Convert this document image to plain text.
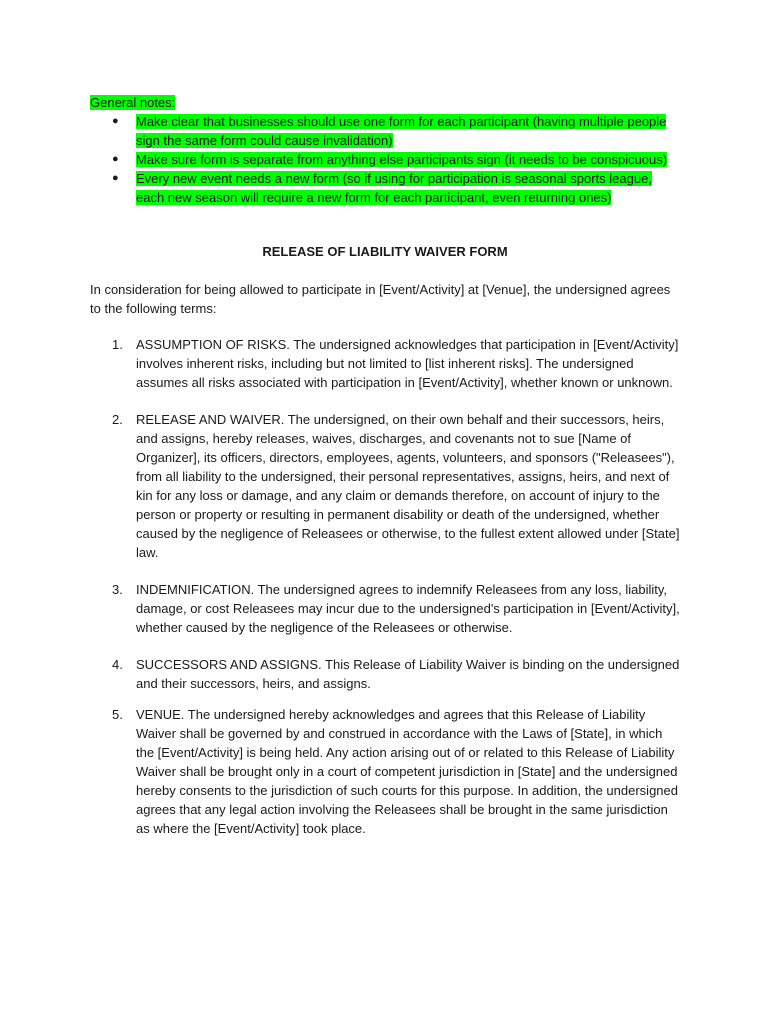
General notes:

● Make clear that businesses should use one form for each participant (having multiple people sign the same form could cause invalidation)
● Make sure form is separate from anything else participants sign (it needs to be conspicuous)
● Every new event needs a new form (so if using for participation is seasonal sports league, each new season will require a new form for each participant, even returning ones)

RELEASE OF LIABILITY WAIVER FORM

In consideration for being allowed to participate in [Event/Activity] at [Venue], the undersigned agrees to the following terms:

1. ASSUMPTION OF RISKS. The undersigned acknowledges that participation in [Event/Activity] involves inherent risks, including but not limited to [list inherent risks]. The undersigned assumes all risks associated with participation in [Event/Activity], whether known or unknown.
2. RELEASE AND WAIVER. The undersigned, on their own behalf and their successors, heirs, and assigns, hereby releases, waives, discharges, and covenants not to sue [Name of Organizer], its officers, directors, employees, agents, volunteers, and sponsors ("Releasees"), from all liability to the undersigned, their personal representatives, assigns, heirs, and next of kin for any loss or damage, and any claim or demands therefore, on account of injury to the person or property or resulting in permanent disability or death of the undersigned, whether caused by the negligence of Releasees or otherwise, to the fullest extent allowed under [State] law.
3. INDEMNIFICATION. The undersigned agrees to indemnify Releasees from any loss, liability, damage, or cost Releasees may incur due to the undersigned's participation in [Event/Activity], whether caused by the negligence of the Releasees or otherwise.
4. SUCCESSORS AND ASSIGNS. This Release of Liability Waiver is binding on the undersigned and their successors, heirs, and assigns.
5. VENUE. The undersigned hereby acknowledges and agrees that this Release of Liability Waiver shall be governed by and construed in accordance with the Laws of [State], in which the [Event/Activity] is being held. Any action arising out of or related to this Release of Liability Waiver shall be brought only in a court of competent jurisdiction in [State] and the undersigned hereby consents to the jurisdiction of such courts for this purpose. In addition, the undersigned agrees that any legal action involving the Releasees shall be brought in the same jurisdiction as where the [Event/Activity] took place.
